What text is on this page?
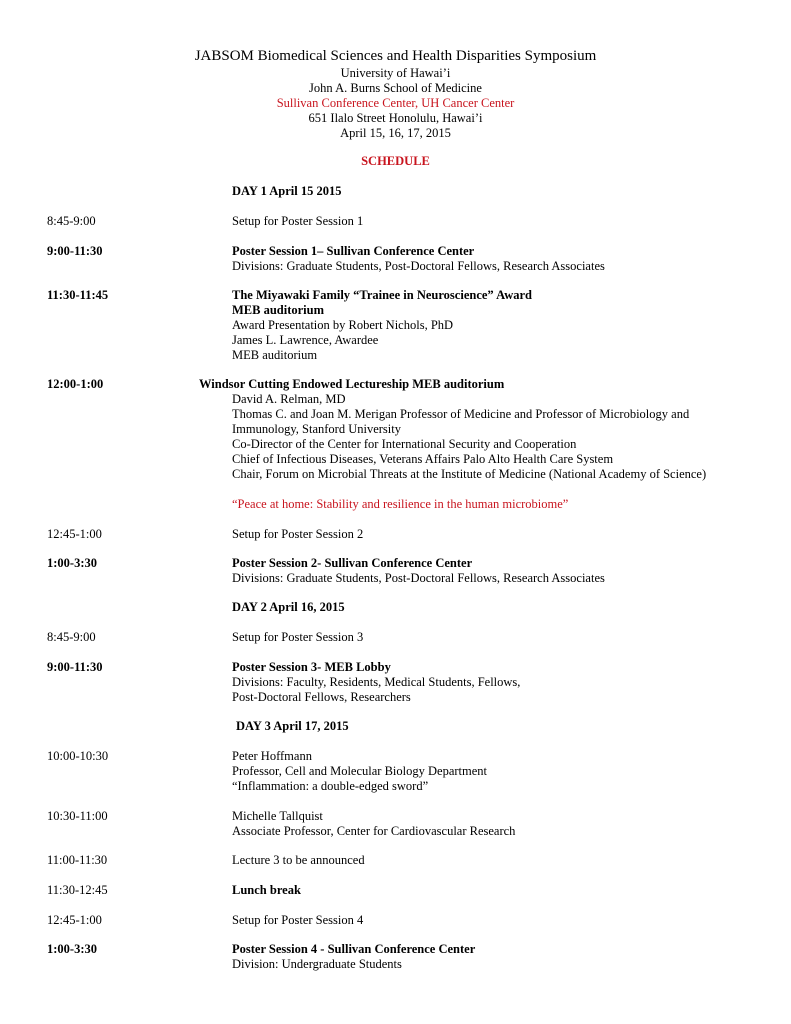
JABSOM Biomedical Sciences and Health Disparities Symposium
University of Hawai’i
John A. Burns School of Medicine
Sullivan Conference Center, UH Cancer Center
651 Ilalo Street Honolulu, Hawai’i
April 15, 16, 17, 2015
SCHEDULE
DAY 1 April 15 2015
8:45-9:00	Setup for Poster Session 1
9:00-11:30	Poster Session 1– Sullivan Conference Center
Divisions: Graduate Students, Post-Doctoral Fellows, Research Associates
11:30-11:45	The Miyawaki Family “Trainee in Neuroscience” Award
MEB auditorium
Award Presentation by Robert Nichols, PhD
James L. Lawrence, Awardee
MEB auditorium
12:00-1:00	Windsor Cutting Endowed Lectureship MEB auditorium
David A. Relman, MD
Thomas C. and Joan M. Merigan Professor of Medicine and Professor of Microbiology and
Immunology, Stanford University
Co-Director of the Center for International Security and Cooperation
Chief of Infectious Diseases, Veterans Affairs Palo Alto Health Care System
Chair, Forum on Microbial Threats at the Institute of Medicine (National Academy of Science)
“Peace at home: Stability and resilience in the human microbiome”
12:45-1:00	Setup for Poster Session 2
1:00-3:30	Poster Session 2- Sullivan Conference Center
Divisions: Graduate Students, Post-Doctoral Fellows, Research Associates
DAY 2 April 16, 2015
8:45-9:00	Setup for Poster Session 3
9:00-11:30	Poster Session 3- MEB Lobby
Divisions: Faculty, Residents, Medical Students, Fellows,
Post-Doctoral Fellows, Researchers
DAY 3 April 17, 2015
10:00-10:30	Peter Hoffmann
Professor, Cell and Molecular Biology Department
“Inflammation: a double-edged sword”
10:30-11:00	Michelle Tallquist
Associate Professor, Center for Cardiovascular Research
11:00-11:30	Lecture 3 to be announced
11:30-12:45	Lunch break
12:45-1:00	Setup for Poster Session 4
1:00-3:30	Poster Session 4 - Sullivan Conference Center
Division: Undergraduate Students
